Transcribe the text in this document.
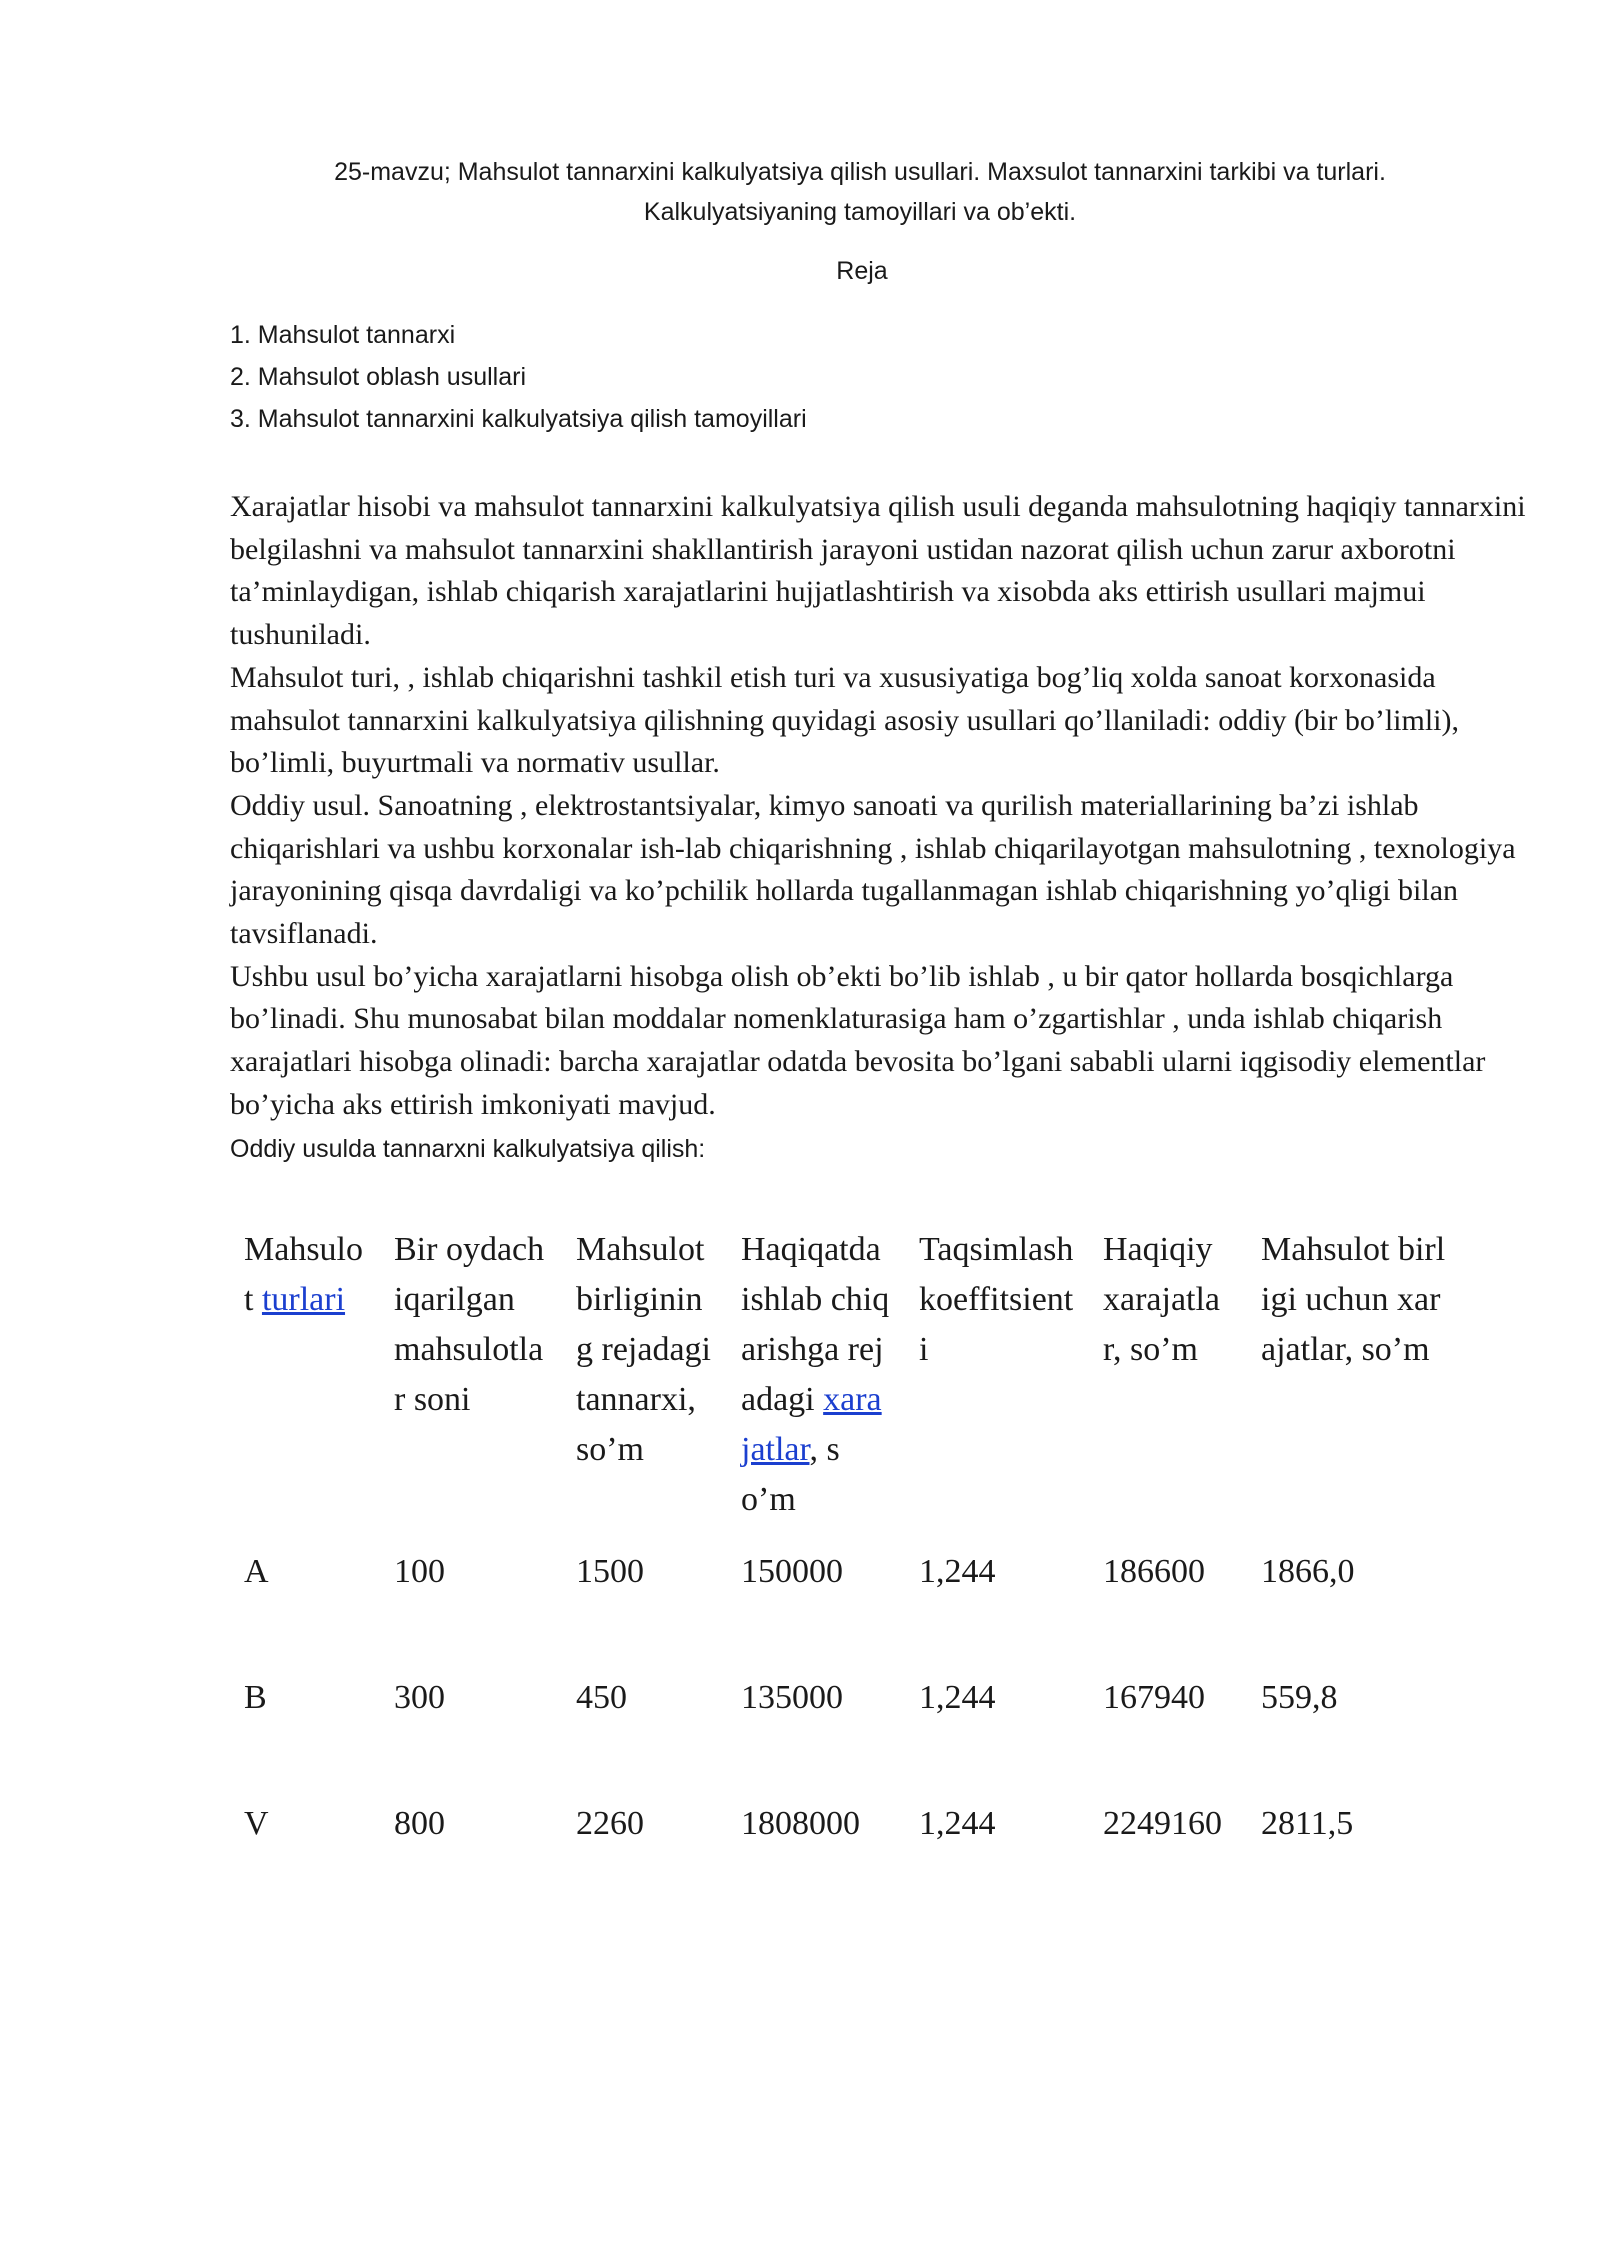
25-mavzu; Mahsulot tannarxini kalkulyatsiya qilish usullari. Maxsulot tannarxini tarkibi va turlari.
Kalkulyatsiyaning tamoyillari va ob’ekti.
Reja
1. Mahsulot tannarxi
2. Mahsulot oblash usullari
3. Mahsulot tannarxini kalkulyatsiya qilish tamoyillari

Xarajatlar hisobi va mahsulot tannarxini kalkulyatsiya qilish usuli deganda mahsulotning haqiqiy tannarxini belgilashni va mahsulot tannarxini shakllantirish jarayoni ustidan nazorat qilish uchun zarur axborotni ta’minlaydigan, ishlab chiqarish xarajatlarini hujjatlashtirish va xisobda aks ettirish usullari majmui tushuniladi.

Mahsulot turi, , ishlab chiqarishni tashkil etish turi va xususiyatiga bog’liq xolda sanoat korxonasida mahsulot tannarxini kalkulyatsiya qilishning quyidagi asosiy usullari qo’llaniladi: oddiy (bir bo’limli), bo’limli, buyurtmali va normativ usullar.

Oddiy usul. Sanoatning , elektrostantsiyalar, kimyo sanoati va qurilish materiallarining ba’zi ishlab chiqarishlari va ushbu korxonalar ish-lab chiqarishning , ishlab chiqarilayotgan mahsulotning , texnologiya jarayonining qisqa davrdaligi va ko’pchilik hollarda tugallanmagan ishlab chiqarishning yo’qligi bilan tavsiflanadi.

Ushbu usul bo’yicha xarajatlarni hisobga olish ob’ekti bo’lib ishlab , u bir qator hollarda bosqichlarga bo’linadi. Shu munosabat bilan moddalar nomenklaturasiga ham o’zgartishlar , unda ishlab chiqarish xarajatlari hisobga olinadi: barcha xarajatlar odatda bevosita bo’lgani sababli ularni iqgisodiy elementlar bo’yicha aks ettirish imkoniyati mavjud.

Oddiy usulda tannarxni kalkulyatsiya qilish:
Mahsulot turlari	Bir oydachiqarilgan mahsulotlar soni	Mahsulot birligining rejadagi tannarxi, so’m	Haqiqatda ishlab chiqarishga rejadagi xarajatlar, so’m	Taqsimlash koeffitsienti	Haqiqiy xarajatlar, so’m	Mahsulot birligi uchun xarajatlar, so’m
A	100	1500	150000	1,244	186600	1866,0
B	300	450	135000	1,244	167940	559,8
V	800	2260	1808000	1,244	2249160	2811,5
